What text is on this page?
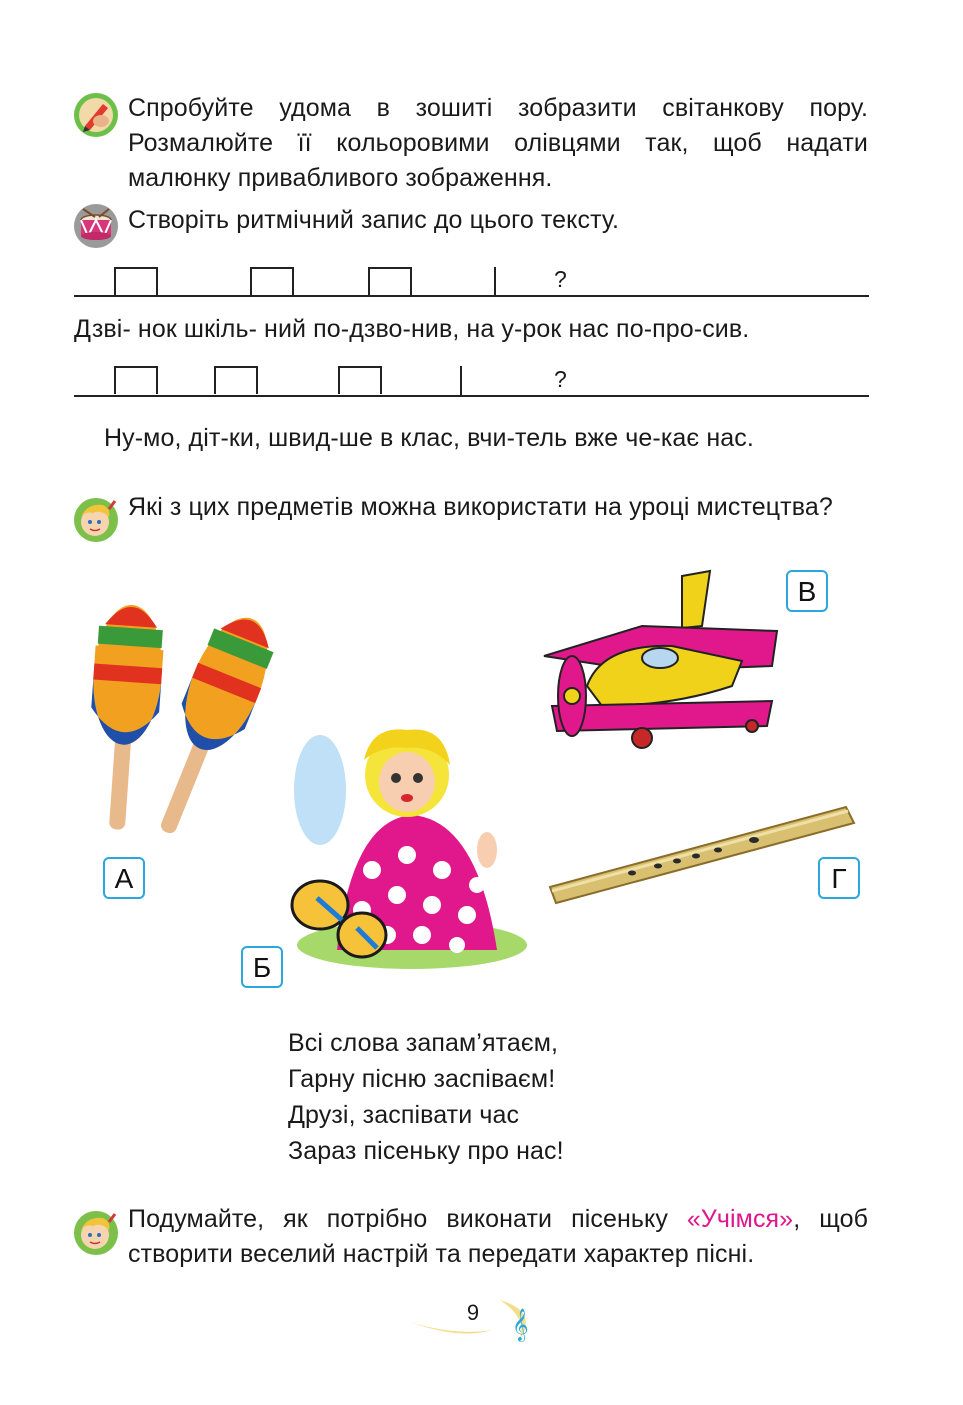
Спробуйте удома в зошиті зобразити світанкову пору. Розмалюйте її кольоровими олівцями так, щоб надати малюнку привабливого зображення.
Створіть ритмічний запис до цього тексту.
?
Дзві- нок шкіль- ний по-дзво-нив, на у-рок нас по-про-сив.
?
Ну-мо, діт-ки, швид-ше в клас, вчи-тель вже че-кає нас.
Які з цих предметів можна використати на уроці мистецтва?
А
Б
В
Г
Всі слова запам’ятаєм,
Гарну пісню заспіваєм!
Друзі, заспівати час
Зараз пісеньку про нас!
Подумайте, як потрібно виконати пісеньку «Учімся», щоб створити веселий настрій та передати характер пісні.
𝄞
9
